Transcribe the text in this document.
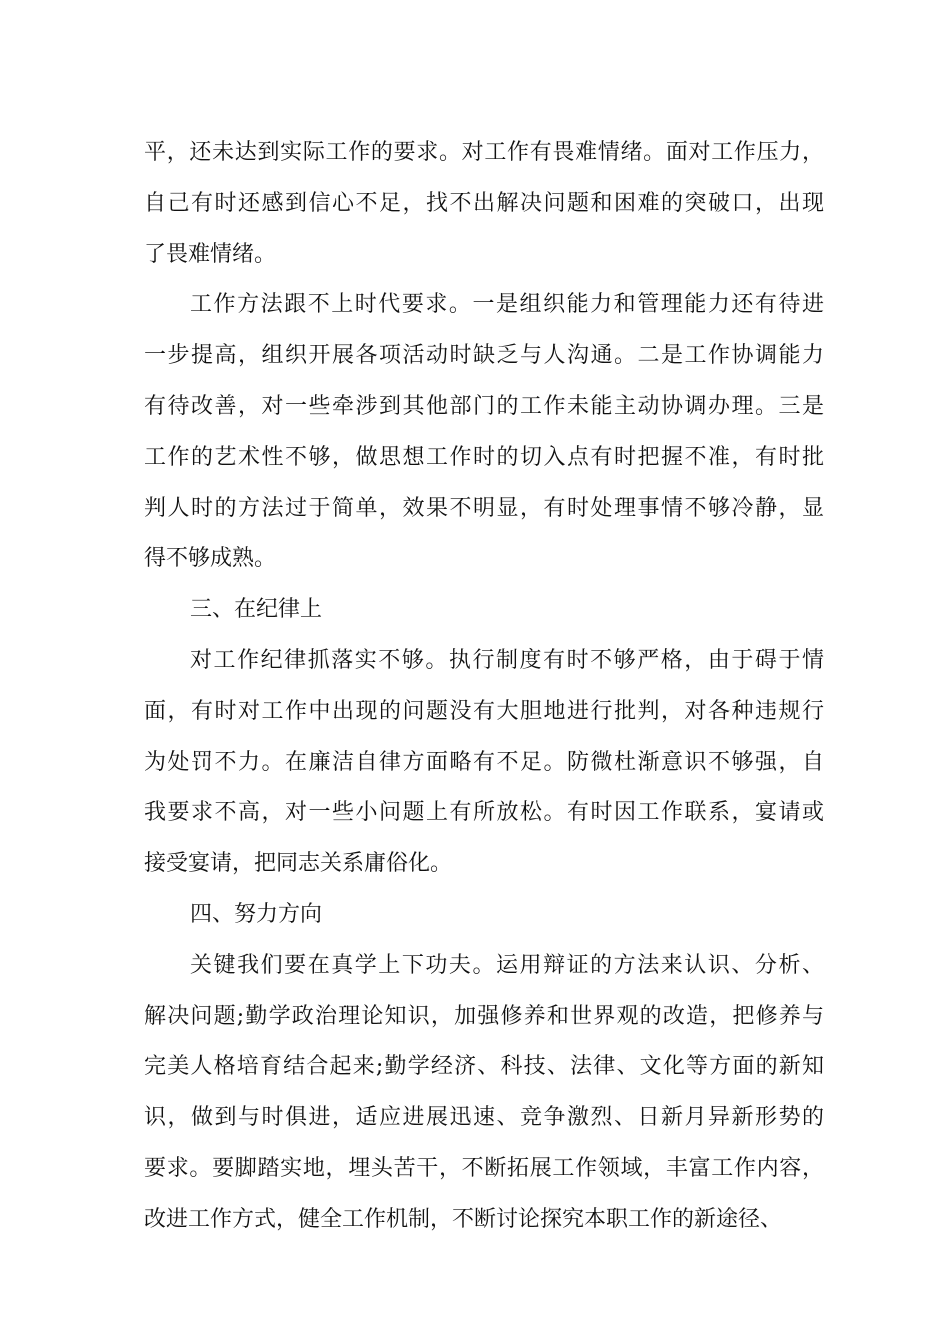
平，还未达到实际工作的要求。对工作有畏难情绪。面对工作压力，
自己有时还感到信心不足，找不出解决问题和困难的突破口，出现
了畏难情绪。
工作方法跟不上时代要求。一是组织能力和管理能力还有待进
一步提高，组织开展各项活动时缺乏与人沟通。二是工作协调能力
有待改善，对一些牵涉到其他部门的工作未能主动协调办理。三是
工作的艺术性不够，做思想工作时的切入点有时把握不准，有时批
判人时的方法过于简单，效果不明显，有时处理事情不够冷静，显
得不够成熟。
三、在纪律上
对工作纪律抓落实不够。执行制度有时不够严格，由于碍于情
面，有时对工作中出现的问题没有大胆地进行批判，对各种违规行
为处罚不力。在廉洁自律方面略有不足。防微杜渐意识不够强，自
我要求不高，对一些小问题上有所放松。有时因工作联系，宴请或
接受宴请，把同志关系庸俗化。
四、努力方向
关键我们要在真学上下功夫。运用辩证的方法来认识、分析、
解决问题;勤学政治理论知识，加强修养和世界观的改造，把修养与
完美人格培育结合起来;勤学经济、科技、法律、文化等方面的新知
识，做到与时俱进，适应进展迅速、竞争激烈、日新月异新形势的
要求。要脚踏实地，埋头苦干，不断拓展工作领域，丰富工作内容，
改进工作方式，健全工作机制，不断讨论探究本职工作的新途径、
